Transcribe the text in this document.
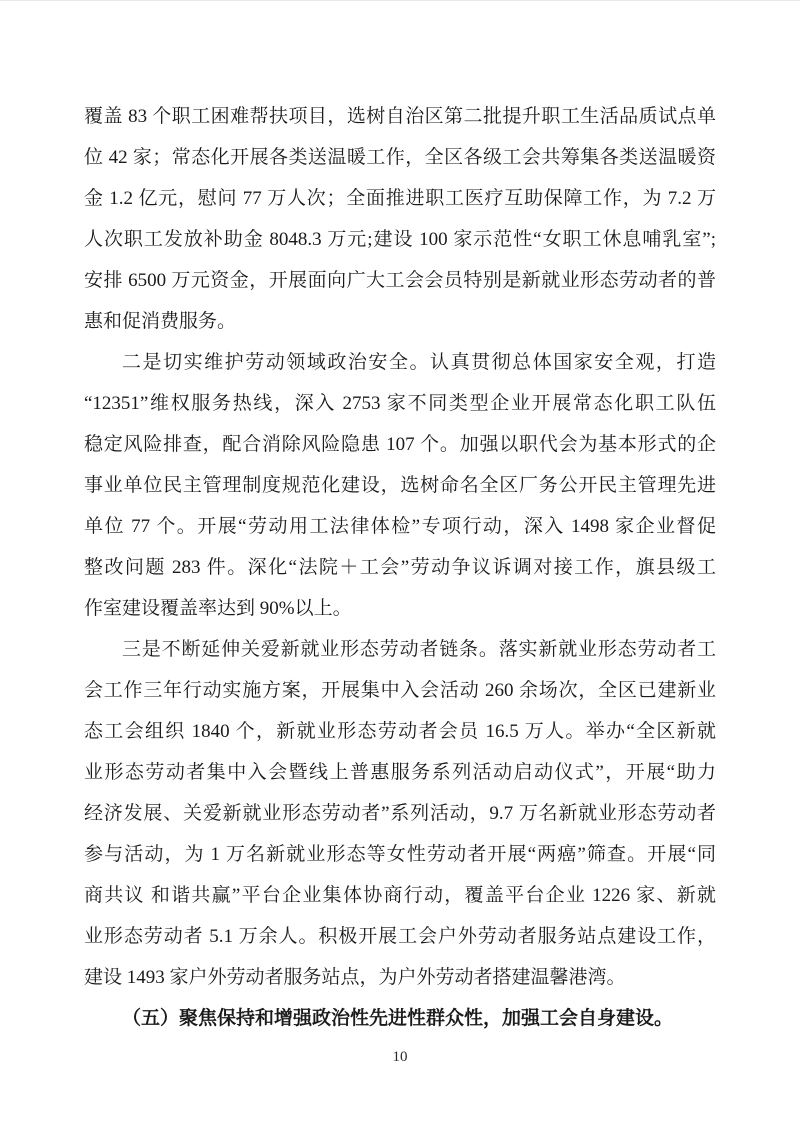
覆盖 83 个职工困难帮扶项目，选树自治区第二批提升职工生活品质试点单
位 42 家；常态化开展各类送温暖工作，全区各级工会共筹集各类送温暖资
金 1.2 亿元，慰问 77 万人次；全面推进职工医疗互助保障工作，为 7.2 万
人次职工发放补助金 8048.3 万元;建设 100 家示范性“女职工休息哺乳室”;
安排 6500 万元资金，开展面向广大工会会员特别是新就业形态劳动者的普
惠和促消费服务。
二是切实维护劳动领域政治安全。认真贯彻总体国家安全观，打造
“12351”维权服务热线，深入 2753 家不同类型企业开展常态化职工队伍
稳定风险排查，配合消除风险隐患 107 个。加强以职代会为基本形式的企
事业单位民主管理制度规范化建设，选树命名全区厂务公开民主管理先进
单位 77 个。开展“劳动用工法律体检”专项行动，深入 1498 家企业督促
整改问题 283 件。深化“法院＋工会”劳动争议诉调对接工作，旗县级工
作室建设覆盖率达到 90%以上。
三是不断延伸关爱新就业形态劳动者链条。落实新就业形态劳动者工
会工作三年行动实施方案，开展集中入会活动 260 余场次，全区已建新业
态工会组织 1840 个，新就业形态劳动者会员 16.5 万人。举办“全区新就
业形态劳动者集中入会暨线上普惠服务系列活动启动仪式”，开展“助力
经济发展、关爱新就业形态劳动者”系列活动，9.7 万名新就业形态劳动者
参与活动，为 1 万名新就业形态等女性劳动者开展“两癌”筛查。开展“同
商共议 和谐共赢”平台企业集体协商行动，覆盖平台企业 1226 家、新就
业形态劳动者 5.1 万余人。积极开展工会户外劳动者服务站点建设工作，
建设 1493 家户外劳动者服务站点，为户外劳动者搭建温馨港湾。
（五）聚焦保持和增强政治性先进性群众性，加强工会自身建设。
10
